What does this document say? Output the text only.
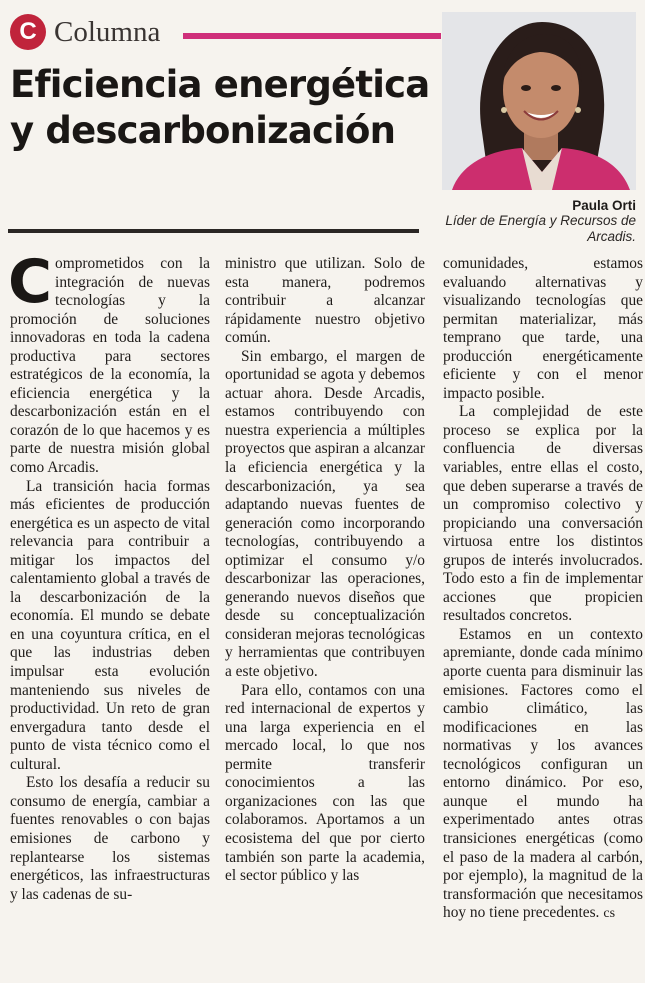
C Columna
Eficiencia energética y descarbonización
Paula Orti
Líder de Energía y Recursos de Arcadis.

Comprometidos con la integración de nuevas tecnologías y la promoción de soluciones innovadoras en toda la cadena productiva para sectores estratégicos de la economía, la eficiencia energética y la descarbonización están en el corazón de lo que hacemos y es parte de nuestra misión global como Arcadis.

La transición hacia formas más eficientes de producción energética es un aspecto de vital relevancia para contribuir a mitigar los impactos del calentamiento global a través de la descarbonización de la economía. El mundo se debate en una coyuntura crítica, en el que las industrias deben impulsar esta evolución manteniendo sus niveles de productividad. Un reto de gran envergadura tanto desde el punto de vista técnico como el cultural.

Esto los desafía a reducir su consumo de energía, cambiar a fuentes renovables o con bajas emisiones de carbono y replantearse los sistemas energéticos, las infraestructuras y las cadenas de su-

ministro que utilizan. Solo de esta manera, podremos contribuir a alcanzar rápidamente nuestro objetivo común.

Sin embargo, el margen de oportunidad se agota y debemos actuar ahora. Desde Arcadis, estamos contribuyendo con nuestra experiencia a múltiples proyectos que aspiran a alcanzar la eficiencia energética y la descarbonización, ya sea adaptando nuevas fuentes de generación como incorporando tecnologías, contribuyendo a optimizar el consumo y/o descarbonizar las operaciones, generando nuevos diseños que desde su conceptualización consideran mejoras tecnológicas y herramientas que contribuyen a este objetivo.

Para ello, contamos con una red internacional de expertos y una larga experiencia en el mercado local, lo que nos permite transferir conocimientos a las organizaciones con las que colaboramos. Aportamos a un ecosistema del que por cierto también son parte la academia, el sector público y las

comunidades, estamos evaluando alternativas y visualizando tecnologías que permitan materializar, más temprano que tarde, una producción energéticamente eficiente y con el menor impacto posible.

La complejidad de este proceso se explica por la confluencia de diversas variables, entre ellas el costo, que deben superarse a través de un compromiso colectivo y propiciando una conversación virtuosa entre los distintos grupos de interés involucrados. Todo esto a fin de implementar acciones que propicien resultados concretos.

Estamos en un contexto apremiante, donde cada mínimo aporte cuenta para disminuir las emisiones. Factores como el cambio climático, las modificaciones en las normativas y los avances tecnológicos configuran un entorno dinámico. Por eso, aunque el mundo ha experimentado antes otras transiciones energéticas (como el paso de la madera al carbón, por ejemplo), la magnitud de la transformación que necesitamos hoy no tiene precedentes. cs
